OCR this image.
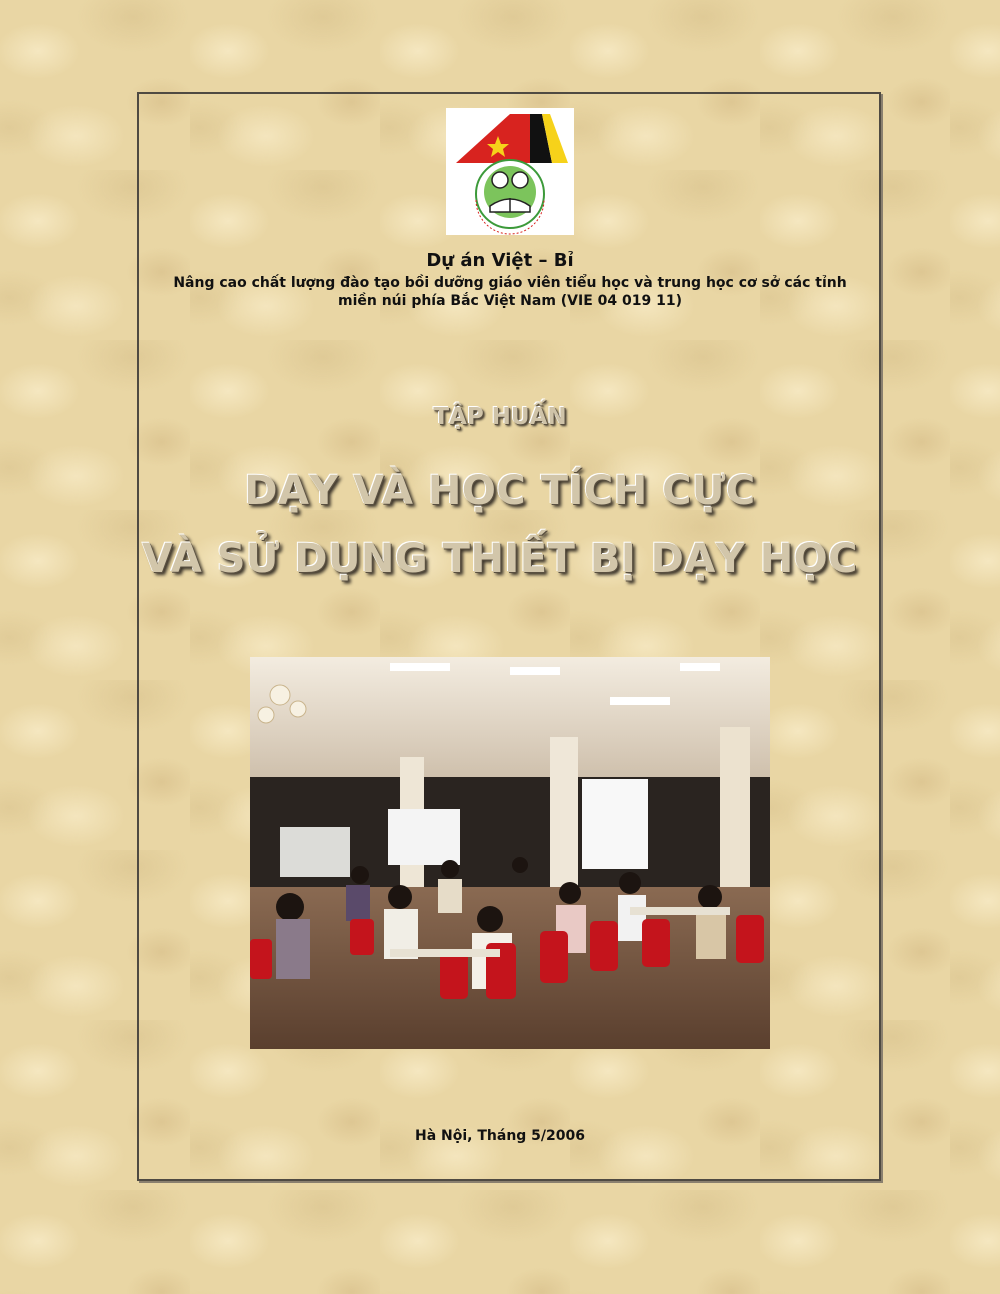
Dự án Việt – Bỉ
Nâng cao chất lượng đào tạo bồi dưỡng giáo viên tiểu học và trung học cơ sở các tỉnh
miền núi phía Bắc Việt Nam (VIE 04 019 11)
TẬP HUẤN
DẠY VÀ HỌC TÍCH CỰC
VÀ SỬ DỤNG THIẾT BỊ DẠY HỌC
Hà Nội, Tháng 5/2006
